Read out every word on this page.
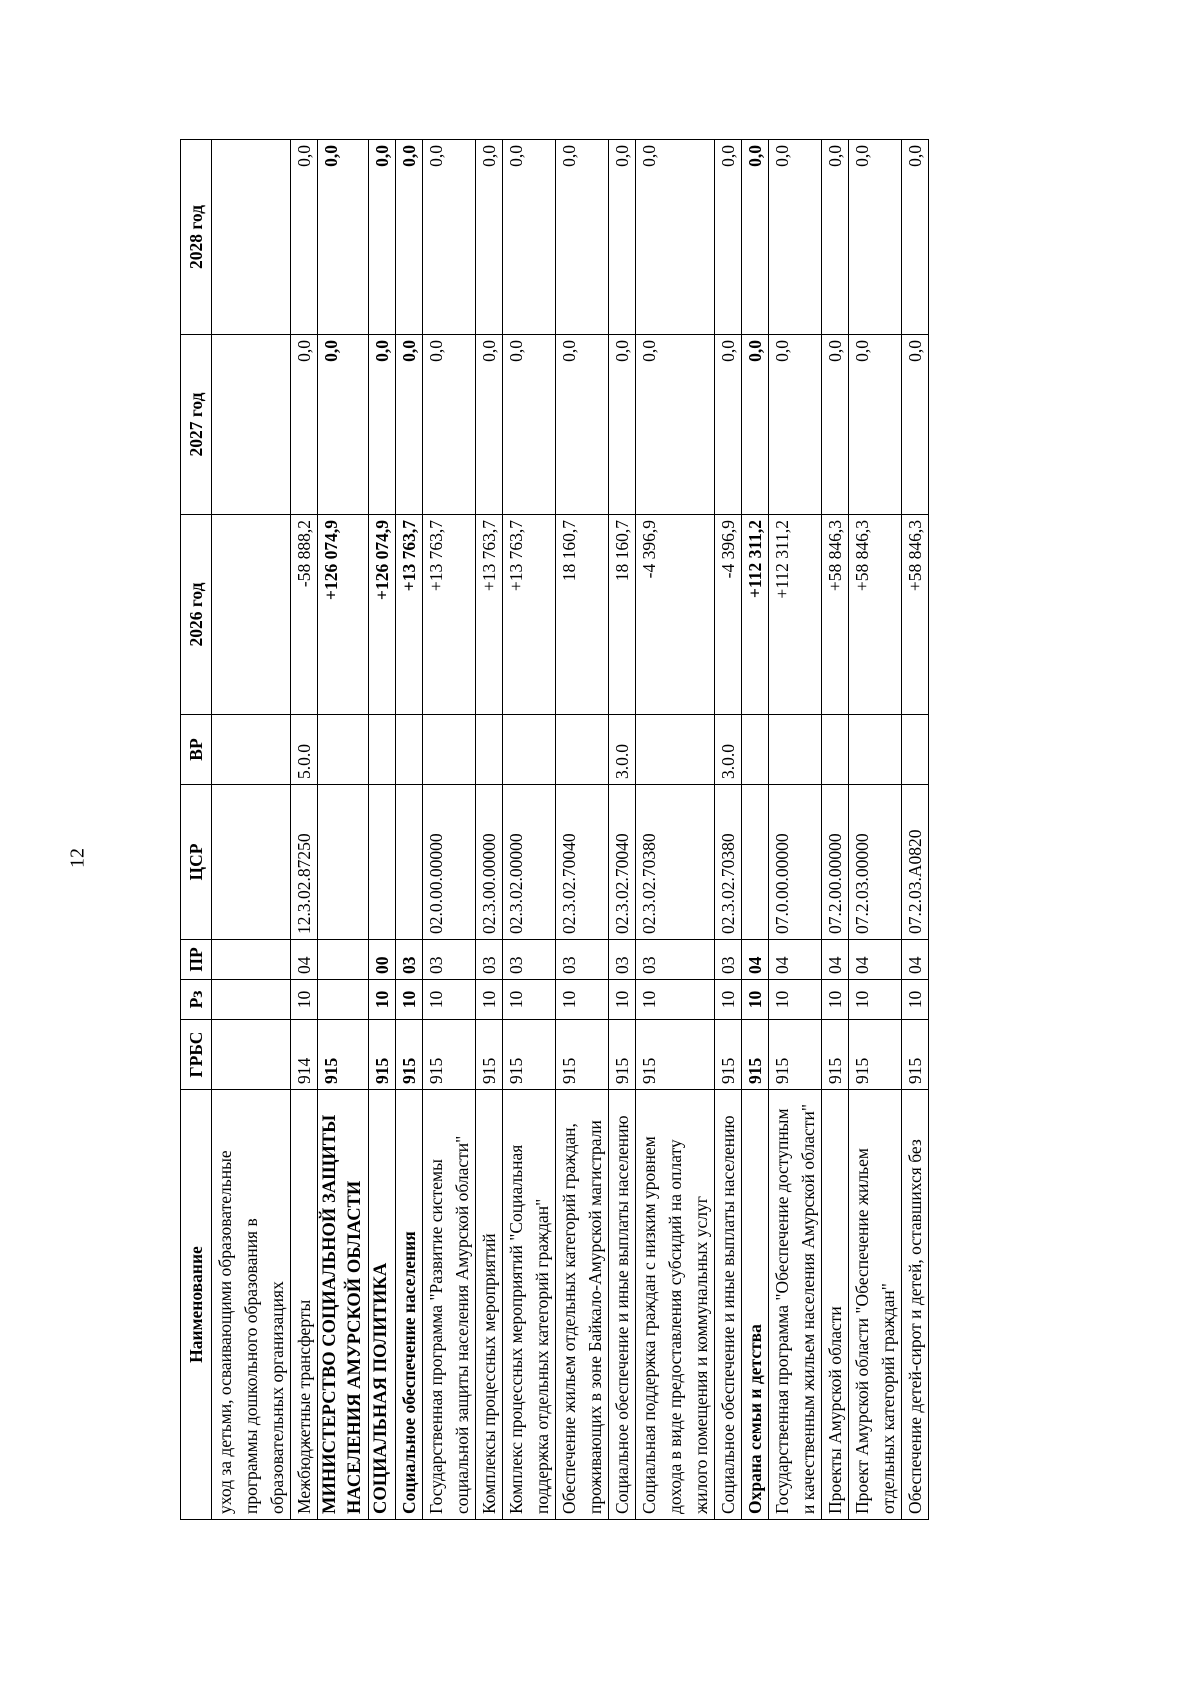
12
Наименование	ГРБС	Рз	ПР	ЦСР	ВР	2026 год	2027 год	2028 год
уход за детьми, осваивающими образовательные программы дошкольного образования в образовательных организациях								
Межбюджетные трансферты	914	10	04	12.3.02.87250	5.0.0	-58 888,2	0,0	0,0
МИНИСТЕРСТВО СОЦИАЛЬНОЙ ЗАЩИТЫ НАСЕЛЕНИЯ АМУРСКОЙ ОБЛАСТИ	915					+126 074,9	0,0	0,0
СОЦИАЛЬНАЯ ПОЛИТИКА	915	10	00			+126 074,9	0,0	0,0
Социальное обеспечение населения	915	10	03			+13 763,7	0,0	0,0
Государственная программа "Развитие системы социальной защиты населения Амурской области"	915	10	03	02.0.00.00000		+13 763,7	0,0	0,0
Комплексы процессных мероприятий	915	10	03	02.3.00.00000		+13 763,7	0,0	0,0
Комплекс процессных мероприятий "Социальная поддержка отдельных категорий граждан"	915	10	03	02.3.02.00000		+13 763,7	0,0	0,0
Обеспечение жильем отдельных категорий граждан, проживающих в зоне Байкало-Амурской магистрали	915	10	03	02.3.02.70040		18 160,7	0,0	0,0
Социальное обеспечение и иные выплаты населению	915	10	03	02.3.02.70040	3.0.0	18 160,7	0,0	0,0
Социальная поддержка граждан с низким уровнем дохода в виде предоставления субсидий на оплату жилого помещения и коммунальных услуг	915	10	03	02.3.02.70380		-4 396,9	0,0	0,0
Социальное обеспечение и иные выплаты населению	915	10	03	02.3.02.70380	3.0.0	-4 396,9	0,0	0,0
Охрана семьи и детства	915	10	04			+112 311,2	0,0	0,0
Государственная программа "Обеспечение доступным и качественным жильем населения Амурской области"	915	10	04	07.0.00.00000		+112 311,2	0,0	0,0
Проекты Амурской области	915	10	04	07.2.00.00000		+58 846,3	0,0	0,0
Проект Амурской области "Обеспечение жильем отдельных категорий граждан"	915	10	04	07.2.03.00000		+58 846,3	0,0	0,0
Обеспечение детей-сирот и детей, оставшихся без	915	10	04	07.2.03.А0820		+58 846,3	0,0	0,0
